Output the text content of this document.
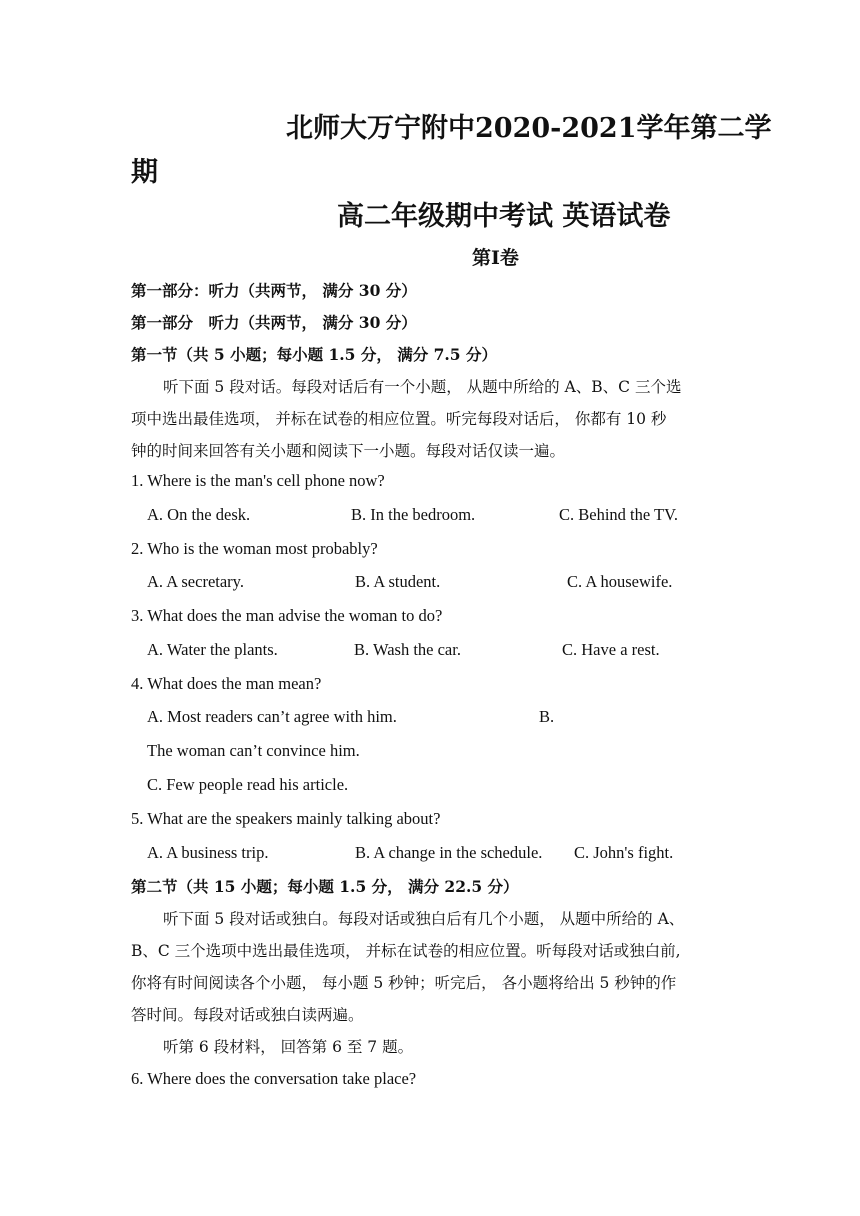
北师大万宁附中2020-2021学年第二学
期
高二年级期中考试 英语试卷
第Ⅰ卷
第一部分：听力（共两节， 满分 30 分）
第一部分　听力（共两节， 满分 30 分）
第一节（共 5 小题；每小题 1.5 分， 满分 7.5 分）
听下面 5 段对话。每段对话后有一个小题， 从题中所给的 A、B、C 三个选
项中选出最佳选项， 并标在试卷的相应位置。听完每段对话后， 你都有 10 秒
钟的时间来回答有关小题和阅读下一小题。每段对话仅读一遍。
1. Where is the man's cell phone now?
A. On the desk.	B. In the bedroom.	C. Behind the TV.
2. Who is the woman most probably?
A. A secretary.	B. A student.	C. A housewife.
3. What does the man advise the woman to do?
A. Water the plants.	B. Wash the car.	C. Have a rest.
4. What does the man mean?
A. Most readers can’t agree with him.	B.
The woman can’t convince him.
C. Few people read his article.
5. What are the speakers mainly talking about?
A. A business trip.	B. A change in the schedule. C. John's fight.
第二节（共 15 小题；每小题 1.5 分， 满分 22.5 分）
听下面 5 段对话或独白。每段对话或独白后有几个小题， 从题中所给的 A、
B、C 三个选项中选出最佳选项， 并标在试卷的相应位置。听每段对话或独白前,
你将有时间阅读各个小题， 每小题 5 秒钟；听完后， 各小题将给出 5 秒钟的作
答时间。每段对话或独白读两遍。
听第 6 段材料， 回答第 6 至 7 题。
6. Where does the conversation take place?
